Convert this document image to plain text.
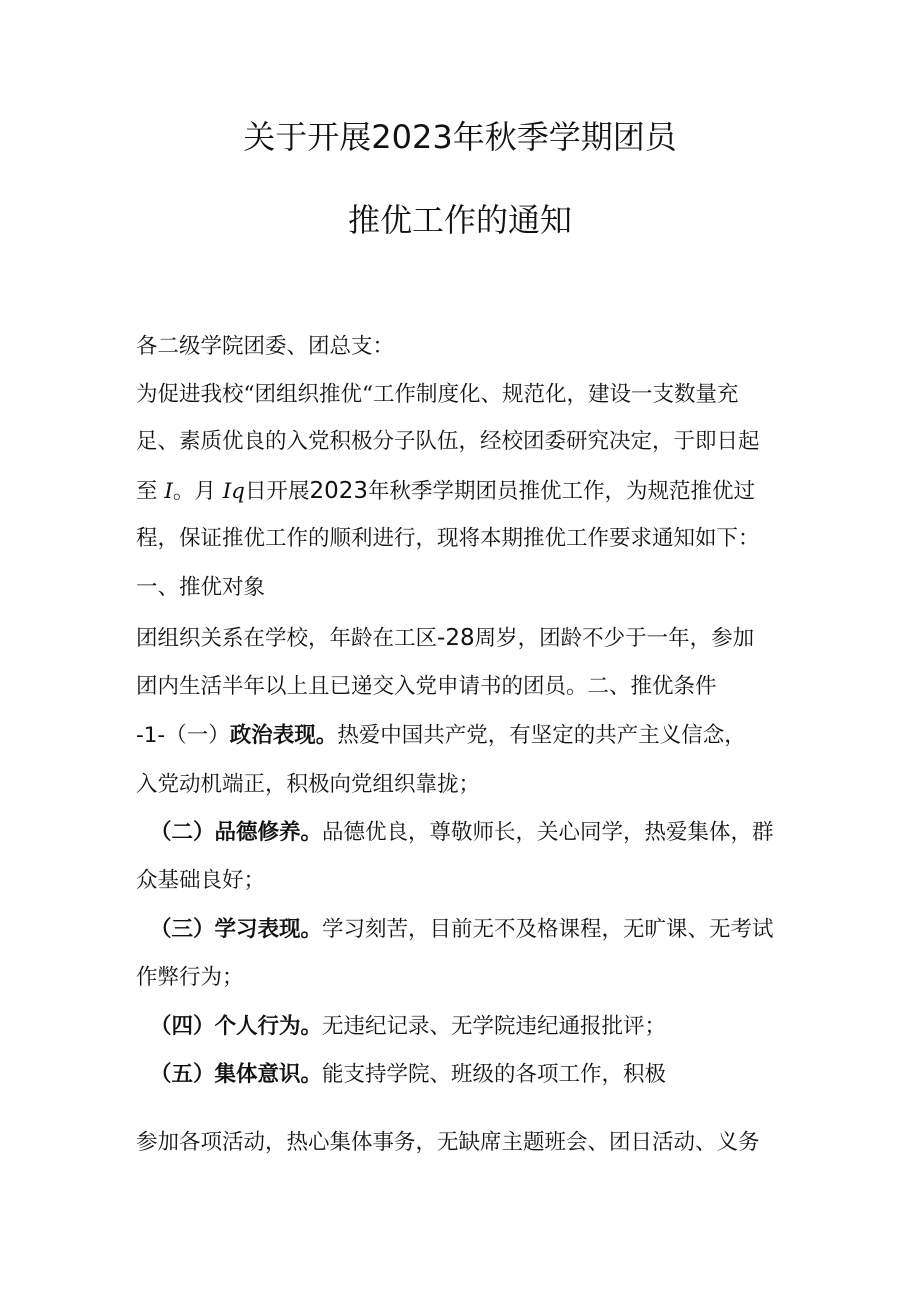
关于开展2023年秋季学期团员
推优工作的通知

各二级学院团委、团总支：

为促进我校“团组织推优“工作制度化、规范化，建设一支数量充

足、素质优良的入党积极分子队伍，经校团委研究决定，于即日起

至 I。月 Iq日开展2023年秋季学期团员推优工作，为规范推优过

程，保证推优工作的顺利进行，现将本期推优工作要求通知如下：

一、推优对象

团组织关系在学校，年龄在工区-28周岁，团龄不少于一年，参加

团内生活半年以上且已递交入党申请书的团员。二、推优条件

-1-（一）政治表现。热爱中国共产党，有坚定的共产主义信念，

入党动机端正，积极向党组织靠拢；

（二）品德修养。品德优良，尊敬师长，关心同学，热爱集体，群

众基础良好；

（三）学习表现。学习刻苦，目前无不及格课程，无旷课、无考试

作弊行为；

（四）个人行为。无违纪记录、无学院违纪通报批评；

（五）集体意识。能支持学院、班级的各项工作，积极

参加各项活动，热心集体事务，无缺席主题班会、团日活动、义务
